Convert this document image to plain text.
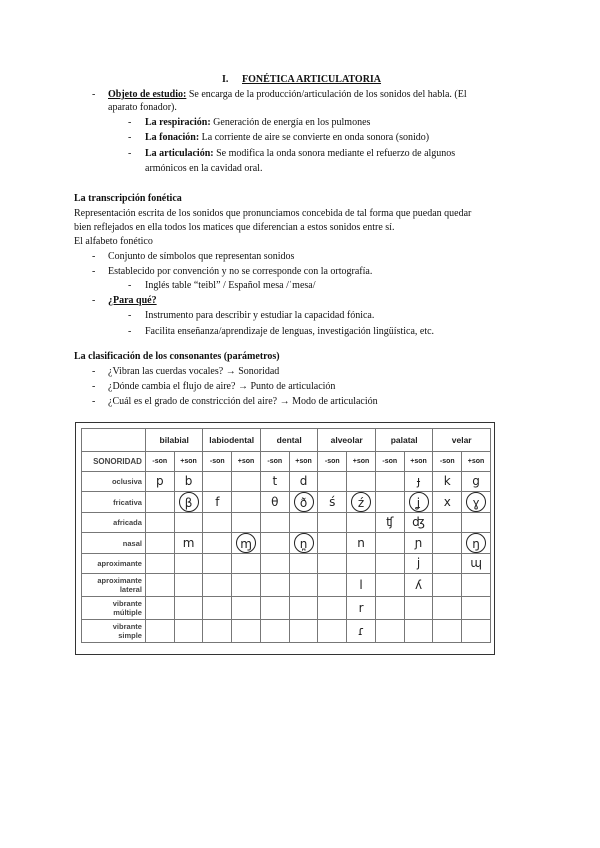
I. FONÉTICA ARTICULATORIA
- Objeto de estudio: Se encarga de la producción/articulación de los sonidos del habla. (El
aparato fonador).
- La respiración: Generación de energía en los pulmones
- La fonación: La corriente de aire se convierte en onda sonora (sonido)
- La articulación: Se modifica la onda sonora mediante el refuerzo de algunos
armónicos en la cavidad oral.
La transcripción fonética
Representación escrita de los sonidos que pronunciamos concebida de tal forma que puedan quedar
bien reflejados en ella todos los matices que diferencian a estos sonidos entre sí.
El alfabeto fonético
- Conjunto de símbolos que representan sonidos
- Establecido por convención y no se corresponde con la ortografía.
- Inglés table “teibl” / Español mesa /ˈmesa/
- ¿Para qué?
- Instrumento para describir y estudiar la capacidad fónica.
- Facilita enseñanza/aprendizaje de lenguas, investigación lingüística, etc.
La clasificación de los consonantes (parámetros)
- ¿Vibran las cuerdas vocales? → Sonoridad
- ¿Dónde cambia el flujo de aire? → Punto de articulación
- ¿Cuál es el grado de constricción del aire? → Modo de articulación
	bilabial		labiodental		dental		alveolar		palatal		velar	
SONORIDAD	-son	+son	-son	+son	-son	+son	-son	+son	-son	+son	-son	+son
oclusiva	p	b			t	d				ɟ	k	g
fricativa		β	f		θ	ð	ś	ź		ʝ	x	ɣ
africada									ʧ	ʤ		
nasal		m		ɱ		n̪		n		ɲ		ŋ
aproximante										j		ɰ

aproximante
lateral								l		ʎ		

vibrante
múltiple								r				

vibrante
simple								ɾ				
